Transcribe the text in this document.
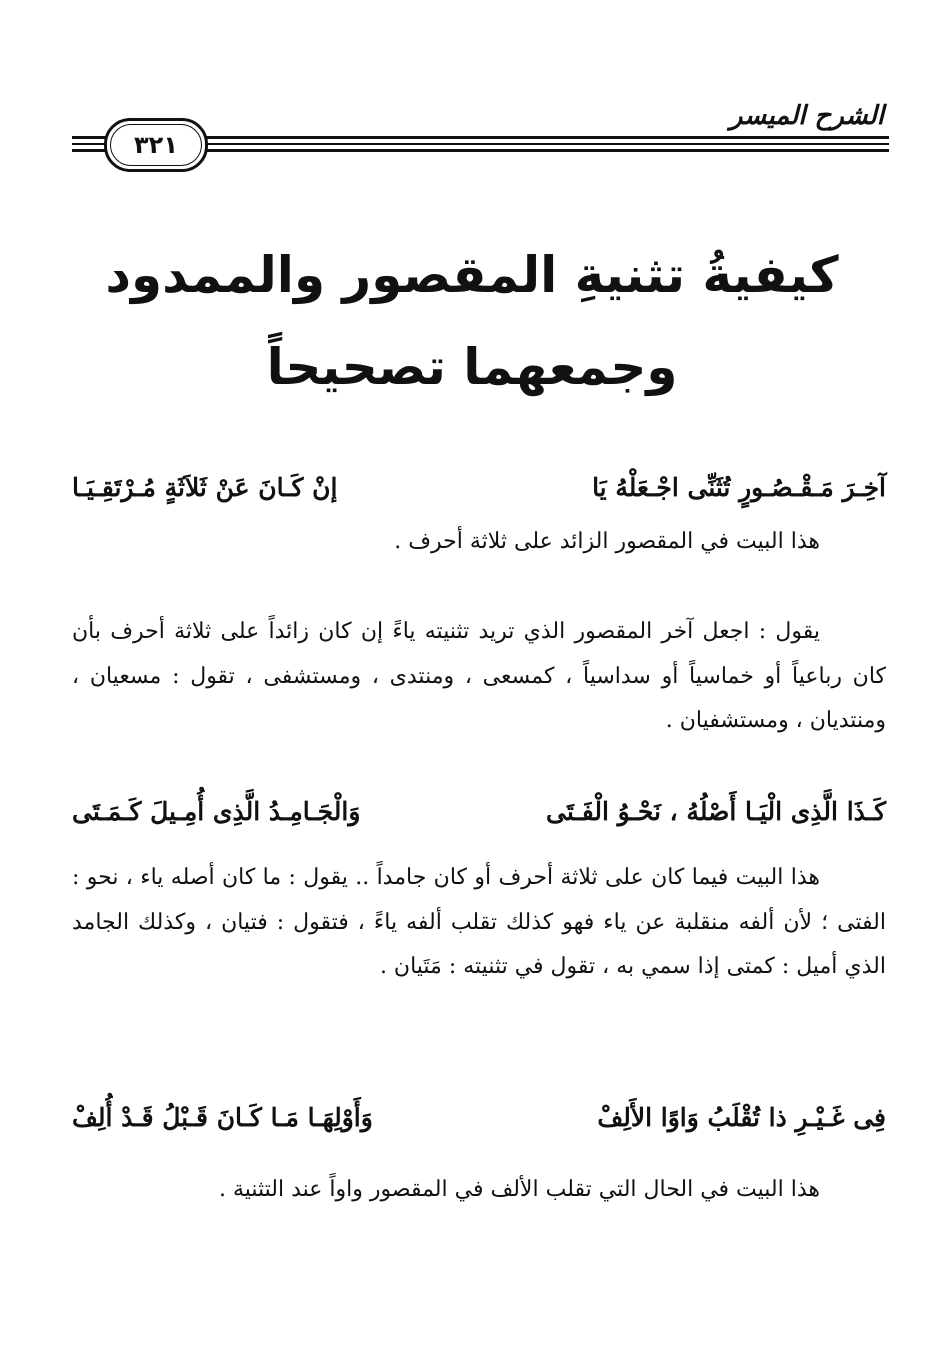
الشرح الميسر
٣٢١
كيفيةُ تثنيةِ المقصور والممدود
وجمعهما تصحيحاً
آخِـرَ مَـقْـصُـورٍ تُثَنِّى اجْـعَلْهُ يَا
إنْ كَـانَ عَنْ ثَلاَثَةٍ مُـرْتَقِـيَـا

هذا البيت في المقصور الزائد على ثلاثة أحرف .

يقول : اجعل آخر المقصور الذي تريد تثنيته ياءً إن كان زائداً على ثلاثة أحرف بأن كان رباعياً أو خماسياً أو سداسياً ، كمسعى ، ومنتدى ، ومستشفى ، تقول : مسعيان ، ومنتديان ، ومستشفيان .

كَـذَا الَّذِى الْيَـا أَصْلُهُ ، نَحْـوُ الْفَـتَى
وَالْجَـامِـدُ الَّذِى أُمِـيلَ كَـمَـتَى

هذا البيت فيما كان على ثلاثة أحرف أو كان جامداً .. يقول : ما كان أصله ياء ، نحو : الفتى ؛ لأن ألفه منقلبة عن ياء فهو كذلك تقلب ألفه ياءً ، فتقول : فتيان ، وكذلك الجامد الذي أميل : كمتى إذا سمي به ، تقول في تثنيته : مَتَيان .

فِى غَـيْـرِ ذا تُقْلَبُ وَاوًا الأَلِفْ
وَأَوْلِهَـا مَـا كَـانَ قَـبْلُ قَـدْ أُلِفْ

هذا البيت في الحال التي تقلب الألف في المقصور واواً عند التثنية .
